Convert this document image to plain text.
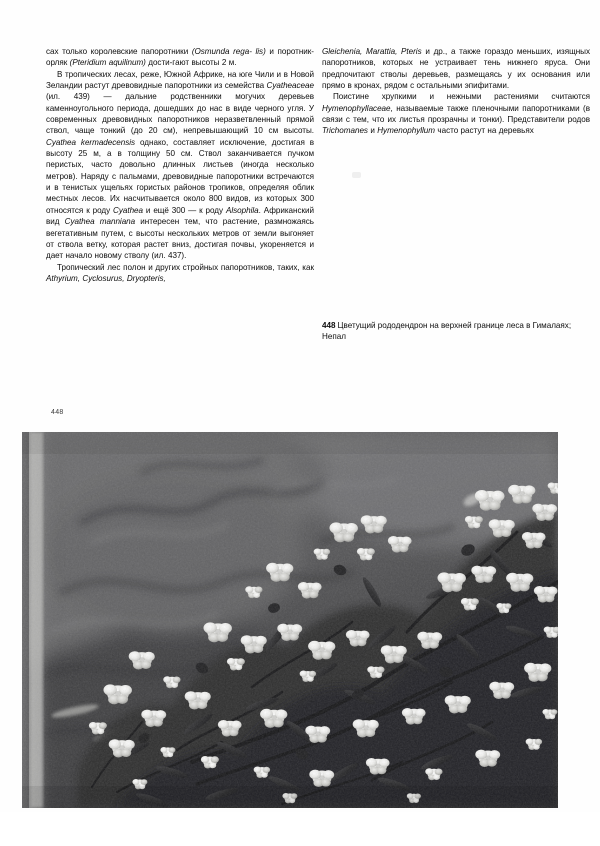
сах только королевские папоротники (Osmunda rega- lis) и поротник-орляк (Pteridium aquilinum) дости-гают высоты 2 м.

В тропических лесах, реже, Южной Африке, на юге Чили и в Новой Зеландии растут древовидные папоротники из семейства Cyatheaceae (ил. 439) — дальние родственники могучих деревьев каменноугольного периода, дошедших до нас в виде черного угля. У современных древовидных папоротников неразветвленный прямой ствол, чаще тонкий (до 20 см), непревышающий 10 см высоты. Cyathea kermadecensis однако, составляет исключение, достигая в высоту 25 м, а в толщину 50 см. Ствол заканчивается пучком перистых, часто довольно длинных листьев (иногда несколько метров). Наряду с пальмами, древовидные папоротники встречаются и в тенистых ущельях гористых районов тропиков, определяя облик местных лесов. Их насчитывается около 800 видов, из которых 300 относятся к роду Cyathea и ещё 300 — к роду Alsophila. Африканский вид Cyathea manniana интересен тем, что растение, размножаясь вегетативным путем, с высоты нескольких метров от земли выгоняет от ствола ветку, которая растет вниз, достигая почвы, укореняется и дает начало новому стволу (ил. 437).

Тропический лес полон и других стройных папоротников, таких, как Athyrium, Cyclosurus, Dryopteris,

Gleichenia, Marattia, Pteris и др., а также гораздо меньших, изящных папоротников, которых не устраивает тень нижнего яруса. Они предпочитают стволы деревьев, размещаясь у их основания или прямо в кронах, рядом с остальными эпифитами.

Поистине хрупкими и нежными растениями считаются Hymenophyllaceae, называемые также пленочными папоротниками (в связи с тем, что их листья прозрачны и тонки). Представители родов Trichomanes и Hymenophyllum часто растут на деревьях

448 Цветущий рододендрон на верхней границе леса в Гималаях; Непал
448
